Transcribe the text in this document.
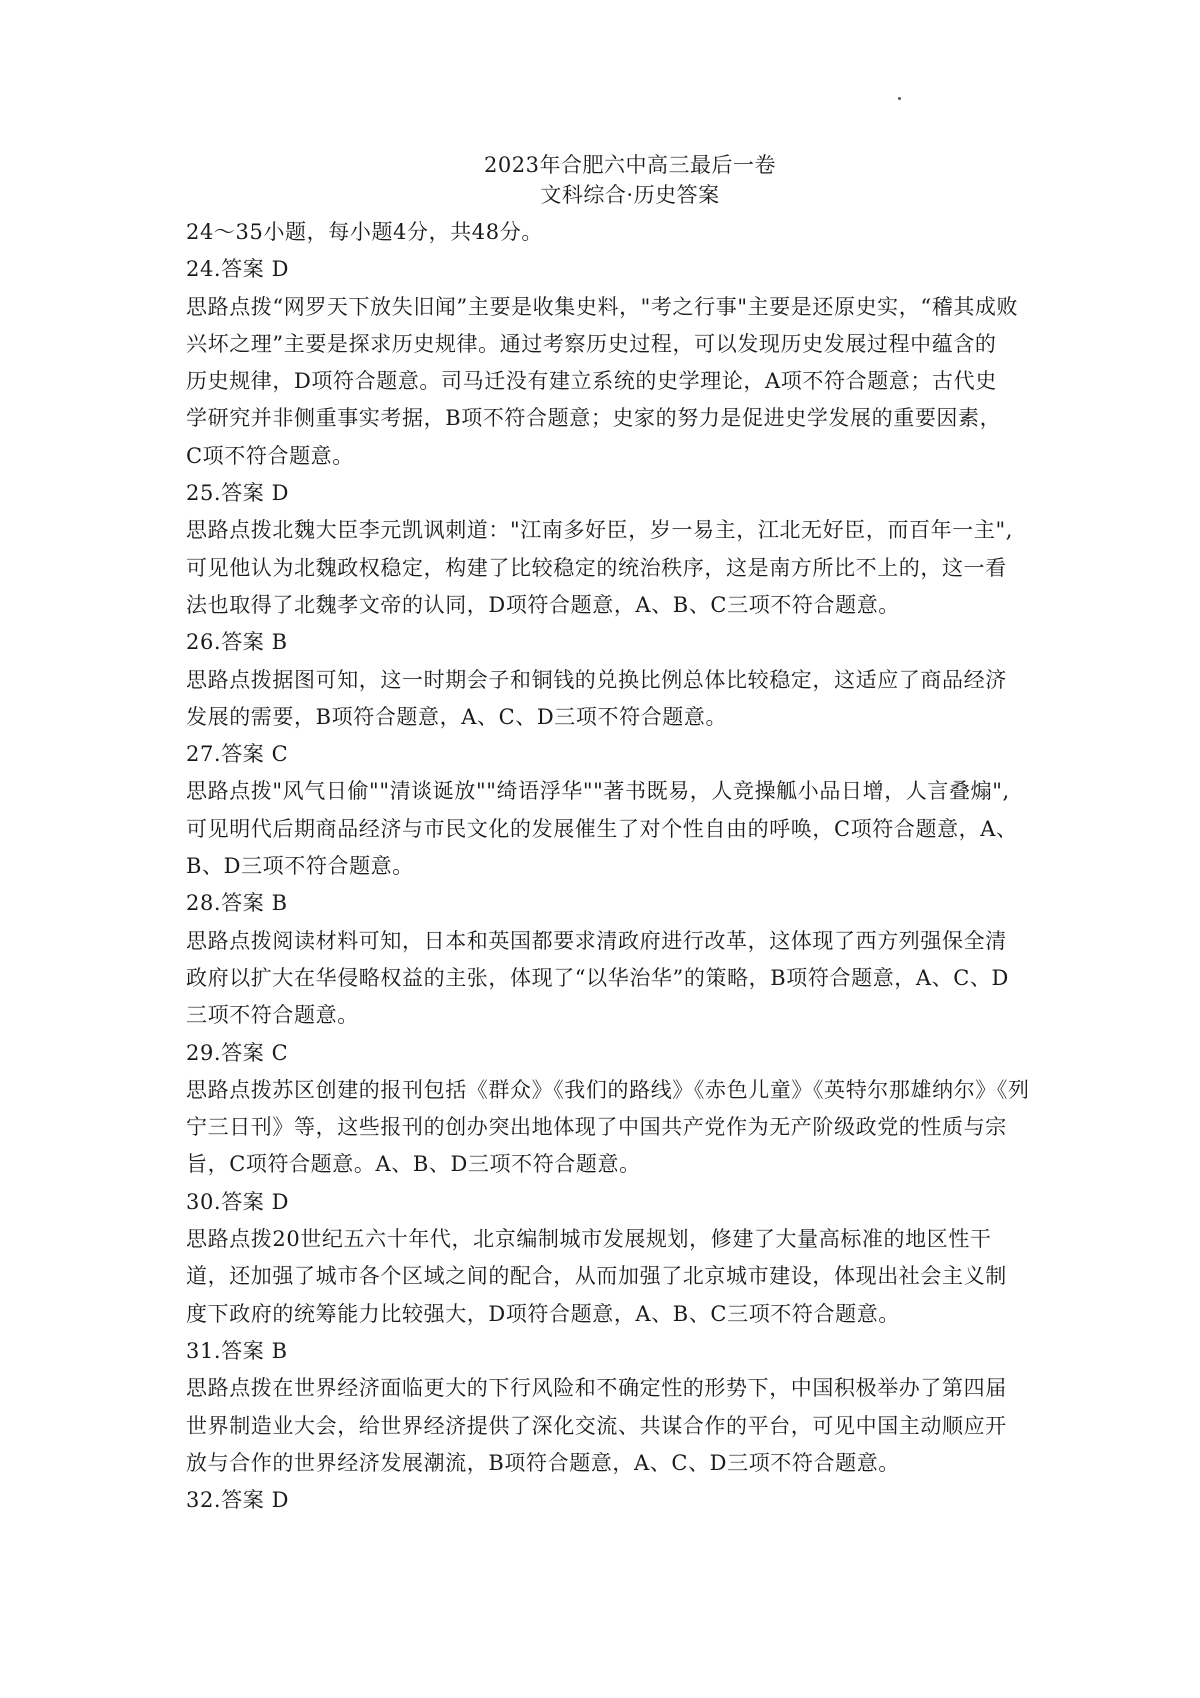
2023年合肥六中高三最后一卷
文科综合·历史答案
24～35小题，每小题4分，共48分。
24.答案 D
思路点拨“网罗天下放失旧闻”主要是收集史料，"考之行事"主要是还原史实，“稽其成败
兴坏之理”主要是探求历史规律。通过考察历史过程，可以发现历史发展过程中蕴含的
历史规律，D项符合题意。司马迁没有建立系统的史学理论，A项不符合题意；古代史
学研究并非侧重事实考据，B项不符合题意；史家的努力是促进史学发展的重要因素，
C项不符合题意。
25.答案 D
思路点拨北魏大臣李元凯讽刺道："江南多好臣，岁一易主，江北无好臣，而百年一主",
可见他认为北魏政权稳定，构建了比较稳定的统治秩序，这是南方所比不上的，这一看
法也取得了北魏孝文帝的认同，D项符合题意，A、B、C三项不符合题意。
26.答案 B
思路点拨据图可知，这一时期会子和铜钱的兑换比例总体比较稳定，这适应了商品经济
发展的需要，B项符合题意，A、C、D三项不符合题意。
27.答案 C
思路点拨"风气日偷""清谈诞放""绮语浮华""著书既易，人竞操觚小品日增，人言叠煽",
可见明代后期商品经济与市民文化的发展催生了对个性自由的呼唤，C项符合题意，A、
B、D三项不符合题意。
28.答案 B
思路点拨阅读材料可知，日本和英国都要求清政府进行改革，这体现了西方列强保全清
政府以扩大在华侵略权益的主张，体现了“以华治华”的策略，B项符合题意，A、C、D
三项不符合题意。
29.答案 C
思路点拨苏区创建的报刊包括《群众》《我们的路线》《赤色儿童》《英特尔那雄纳尔》《列
宁三日刊》等，这些报刊的创办突出地体现了中国共产党作为无产阶级政党的性质与宗
旨，C项符合题意。A、B、D三项不符合题意。
30.答案 D
思路点拨20世纪五六十年代，北京编制城市发展规划，修建了大量高标准的地区性干
道，还加强了城市各个区域之间的配合，从而加强了北京城市建设，体现出社会主义制
度下政府的统筹能力比较强大，D项符合题意，A、B、C三项不符合题意。
31.答案 B
思路点拨在世界经济面临更大的下行风险和不确定性的形势下，中国积极举办了第四届
世界制造业大会，给世界经济提供了深化交流、共谋合作的平台，可见中国主动顺应开
放与合作的世界经济发展潮流，B项符合题意，A、C、D三项不符合题意。
32.答案 D
